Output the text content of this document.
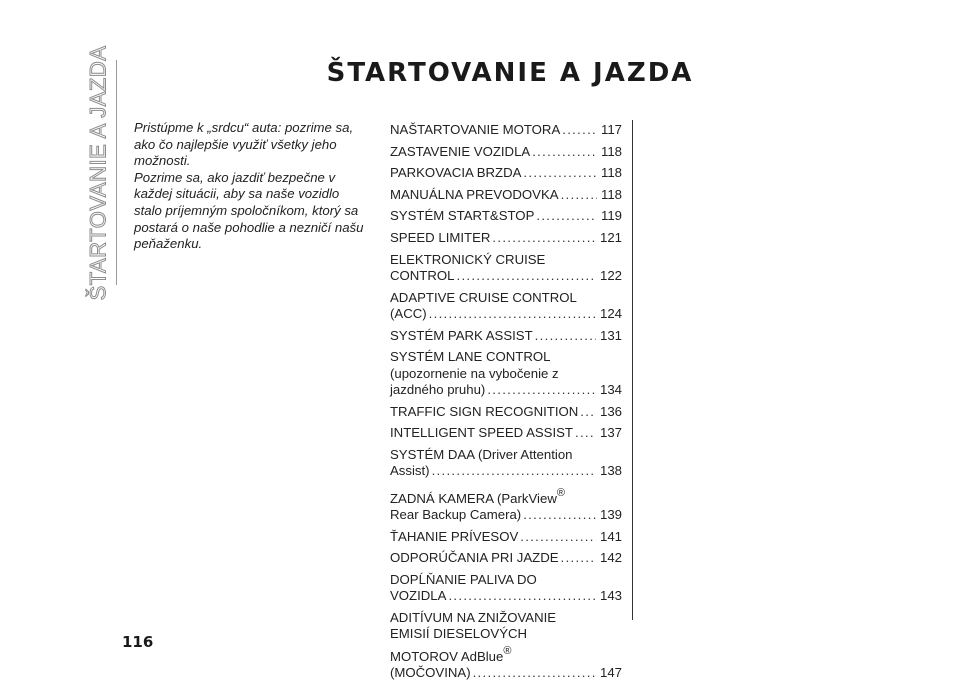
ŠTARTOVANIE A JAZDA	ŠTARTOVANIE A JAZDA

Pristúpme k „srdcu“ auta: pozrime sa, ako čo najlepšie využiť všetky jeho možnosti.

Pozrime sa, ako jazdiť bezpečne v každej situácii, aby sa naše vozidlo stalo príjemným spoločníkom, ktorý sa postará o naše pohodlie a nezničí našu peňaženku.

NAŠTARTOVANIE MOTORA .....	117
ZASTAVENIE VOZIDLA .....	118
PARKOVACIA BRZDA .....	118
MANUÁLNA PREVODOVKA .....	118
SYSTÉM START&STOP .....	119
SPEED LIMITER .....	121
ELEKTRONICKÝ CRUISE
CONTROL .....	122
ADAPTIVE CRUISE CONTROL
(ACC) .....	124
SYSTÉM PARK ASSIST .....	131
SYSTÉM LANE CONTROL
(upozornenie na vybočenie z
jazdného pruhu) .....	134
TRAFFIC SIGN RECOGNITION ..... 136
INTELLIGENT SPEED ASSIST ..... 137
SYSTÉM DAA (Driver Attention
Assist) .....	138
ZADNÁ KAMERA (ParkView®
Rear Backup Camera) .....	139
ŤAHANIE PRÍVESOV .....	141
ODPORÚČANIA PRI JAZDE .....	142
DOPĹŇANIE PALIVA DO
VOZIDLA .....	143
ADITÍVUM NA ZNIŽOVANIE
EMISIÍ DIESELOVÝCH
MOTOROV AdBlue®
(MOČOVINA) .....	147
116
